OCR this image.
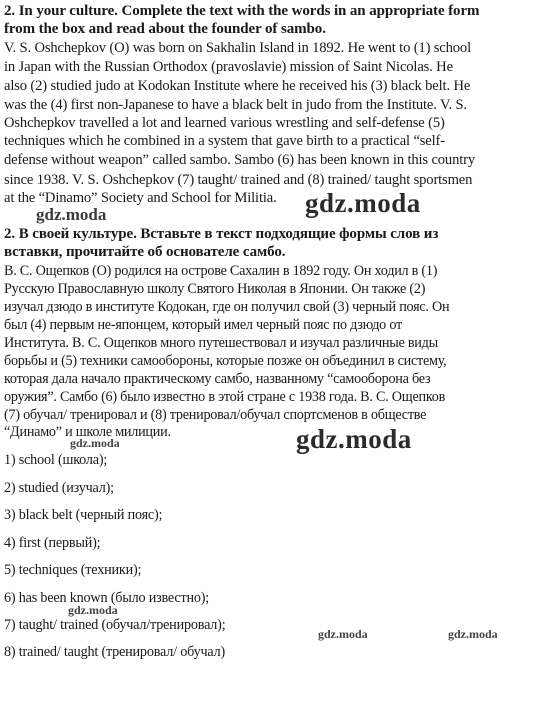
2. In your culture. Complete the text with the words in an appropriate form
from the box and read about the founder of sambo.
V. S. Oshchepkov (O) was born on Sakhalin Island in 1892. He went to (1) school
in Japan with the Russian Orthodox (pravoslavie) mission of Saint Nicolas. He
also (2) studied judo at Kodokan Institute where he received his (3) black belt. He
was the (4) first non-Japanese to have a black belt in judo from the Institute. V. S.
Oshchepkov travelled a lot and learned various wrestling and self-defense (5)
techniques which he combined in a system that gave birth to a practical “self-
defense without weapon” called sambo. Sambo (6) has been known in this country
since 1938. V. S. Oshchepkov (7) taught/ trained and (8) trained/ taught sportsmen
at the “Dinamo” Society and School for Militia.
2. В своей культуре. Вставьте в текст подходящие формы слов из
вставки, прочитайте об основателе самбо.
В. С. Ощепков (О) родился на острове Сахалин в 1892 году. Он ходил в (1)
Русскую Православную школу Святого Николая в Японии. Он также (2)
изучал дзюдо в институте Кодокан, где он получил свой (3) черный пояс. Он
был (4) первым не-японцем, который имел черный пояс по дзюдо от
Института. В. С. Ощепков много путешествовал и изучал различные виды
борьбы и (5) техники самообороны, которые позже он объединил в систему,
которая дала начало практическому самбо, названному “самооборона без
оружия”. Самбо (6) было известно в этой стране с 1938 года. В. С. Ощепков
(7) обучал/ тренировал и (8) тренировал/обучал спортсменов в обществе
“Динамо” и школе милиции.
1) school (школа);
2) studied (изучал);
3) black belt (черный пояс);
4) first (первый);
5) techniques (техники);
6) has been known (было известно);
7) taught/ trained (обучал/тренировал);
8) trained/ taught (тренировал/ обучал)
gdz.moda	gdz.moda
gdz.moda
gdz.moda
gdz.moda
gdz.moda	gdz.moda
